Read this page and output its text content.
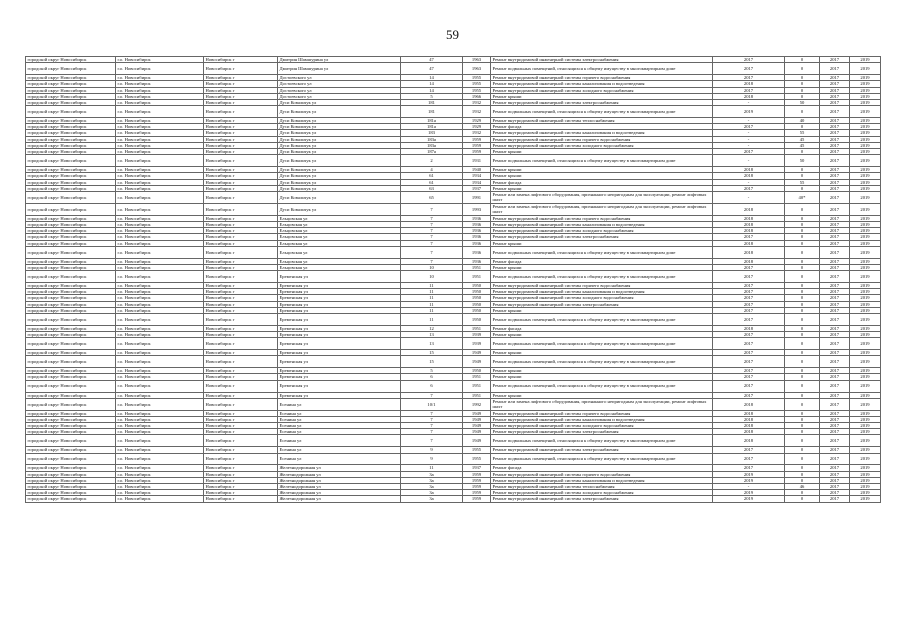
59
городской округ Новосибирск	г.о. Новосибирск	Новосибирск г	Дмитрия Шамшурина ул	47	1963	Ремонт внутридомовой инженерной системы электроснабжения	2017	0	2017	2019
городской округ Новосибирск	г.о. Новосибирск	Новосибирск г	Дмитрия Шамшурина ул	47	1963	Ремонт подвальных помещений, относящихся к общему имуществу в многоквартирном доме	2017	0	2017	2019
городской округ Новосибирск	г.о. Новосибирск	Новосибирск г	Достоевского ул	14	1955	Ремонт внутридомовой инженерной системы горячего водоснабжения	2017	0	2017	2019
городской округ Новосибирск	г.о. Новосибирск	Новосибирск г	Достоевского ул	14	1955	Ремонт внутридомовой инженерной системы канализования и водоотведения	2018	0	2017	2019
городской округ Новосибирск	г.о. Новосибирск	Новосибирск г	Достоевского ул	14	1955	Ремонт внутридомовой инженерной системы холодного водоснабжения	2017	0	2017	2019
городской округ Новосибирск	г.о. Новосибирск	Новосибирск г	Достоевского ул	5	1966	Ремонт крыши	2018	0	2017	2019
городской округ Новосибирск	г.о. Новосибирск	Новосибирск г	Дуси Ковальчук ул	181	1932	Ремонт внутридомовой инженерной системы электроснабжения	-	50	2017	2019
городской округ Новосибирск	г.о. Новосибирск	Новосибирск г	Дуси Ковальчук ул	181	1932	Ремонт подвальных помещений, относящихся к общему имуществу в многоквартирном доме	2019	0	2017	2019
городской округ Новосибирск	г.о. Новосибирск	Новосибирск г	Дуси Ковальчук ул	181а	1929	Ремонт внутридомовой инженерной системы теплоснабжения	-	40	2017	2019
городской округ Новосибирск	г.о. Новосибирск	Новосибирск г	Дуси Ковальчук ул	181а	1929	Ремонт фасада	2017	0	2017	2019
городской округ Новосибирск	г.о. Новосибирск	Новосибирск г	Дуси Ковальчук ул	183	1932	Ремонт внутридомовой инженерной системы канализования и водоотведения	-	55	2017	2019
городской округ Новосибирск	г.о. Новосибирск	Новосибирск г	Дуси Ковальчук ул	183а	1959	Ремонт внутридомовой инженерной системы горячего водоснабжения	-	45	2017	2019
городской округ Новосибирск	г.о. Новосибирск	Новосибирск г	Дуси Ковальчук ул	183а	1959	Ремонт внутридомовой инженерной системы холодного водоснабжения	-	45	2017	2019
городской округ Новосибирск	г.о. Новосибирск	Новосибирск г	Дуси Ковальчук ул	187а	1959	Ремонт крыши	2017	0	2017	2019
городской округ Новосибирск	г.о. Новосибирск	Новосибирск г	Дуси Ковальчук ул	2	1931	Ремонт подвальных помещений, относящихся к общему имуществу в многоквартирном доме	-	50	2017	2019
городской округ Новосибирск	г.о. Новосибирск	Новосибирск г	Дуси Ковальчук ул	4	1940	Ремонт крыши	2018	0	2017	2019
городской округ Новосибирск	г.о. Новосибирск	Новосибирск г	Дуси Ковальчук ул	61	1934	Ремонт крыши	2018	0	2017	2019
городской округ Новосибирск	г.о. Новосибирск	Новосибирск г	Дуси Ковальчук ул	61	1934	Ремонт фасада	-	55	2017	2019
городской округ Новосибирск	г.о. Новосибирск	Новосибирск г	Дуси Ковальчук ул	63	1937	Ремонт крыши	2017	0	2017	2019
городской округ Новосибирск	г.о. Новосибирск	Новосибирск г	Дуси Ковальчук ул	65	1991	Ремонт или замена лифтового оборудования, признанного непригодным для эксплуатации, ремонт лифтовых шахт	-	40*	2017	2019
городской округ Новосибирск	г.о. Новосибирск	Новосибирск г	Дуси Ковальчук ул	7	1993	Ремонт или замена лифтового оборудования, признанного непригодным для эксплуатации, ремонт лифтовых шахт	2018	0	2017	2019
городской округ Новосибирск	г.о. Новосибирск	Новосибирск г	Ельцовская ул	7	1936	Ремонт внутридомовой инженерной системы горячего водоснабжения	2018	0	2017	2019
городской округ Новосибирск	г.о. Новосибирск	Новосибирск г	Ельцовская ул	7	1936	Ремонт внутридомовой инженерной системы канализования и водоотведения	2018	0	2017	2019
городской округ Новосибирск	г.о. Новосибирск	Новосибирск г	Ельцовская ул	7	1936	Ремонт внутридомовой инженерной системы холодного водоснабжения	2018	0	2017	2019
городской округ Новосибирск	г.о. Новосибирск	Новосибирск г	Ельцовская ул	7	1936	Ремонт внутридомовой инженерной системы электроснабжения	2017	0	2017	2019
городской округ Новосибирск	г.о. Новосибирск	Новосибирск г	Ельцовская ул	7	1936	Ремонт крыши	2018	0	2017	2019
городской округ Новосибирск	г.о. Новосибирск	Новосибирск г	Ельцовская ул	7	1936	Ремонт подвальных помещений, относящихся к общему имуществу в многоквартирном доме	2018	0	2017	2019
городской округ Новосибирск	г.о. Новосибирск	Новосибирск г	Ельцовская ул	7	1936	Ремонт фасада	2018	0	2017	2019
городской округ Новосибирск	г.о. Новосибирск	Новосибирск г	Ельцовская ул	10	1951	Ремонт крыши	2017	0	2017	2019
городской округ Новосибирск	г.о. Новосибирск	Новосибирск г	Еременская ул	10	1951	Ремонт подвальных помещений, относящихся к общему имуществу в многоквартирном доме	2017	0	2017	2019
городской округ Новосибирск	г.о. Новосибирск	Новосибирск г	Еременская ул	11	1950	Ремонт внутридомовой инженерной системы горячего водоснабжения	2017	0	2017	2019
городской округ Новосибирск	г.о. Новосибирск	Новосибирск г	Еременская ул	11	1950	Ремонт внутридомовой инженерной системы канализования и водоотведения	2017	0	2017	2019
городской округ Новосибирск	г.о. Новосибирск	Новосибирск г	Еременская ул	11	1950	Ремонт внутридомовой инженерной системы холодного водоснабжения	2017	0	2017	2019
городской округ Новосибирск	г.о. Новосибирск	Новосибирск г	Еременская ул	11	1950	Ремонт внутридомовой инженерной системы электроснабжения	2017	0	2017	2019
городской округ Новосибирск	г.о. Новосибирск	Новосибирск г	Еременская ул	11	1950	Ремонт крыши	2017	0	2017	2019
городской округ Новосибирск	г.о. Новосибирск	Новосибирск г	Еременская ул	11	1950	Ремонт подвальных помещений, относящихся к общему имуществу в многоквартирном доме	2017	0	2017	2019
городской округ Новосибирск	г.о. Новосибирск	Новосибирск г	Еременская ул	12	1951	Ремонт фасада	2018	0	2017	2019
городской округ Новосибирск	г.о. Новосибирск	Новосибирск г	Еременская ул	13	1939	Ремонт крыши	2017	0	2017	2019
городской округ Новосибирск	г.о. Новосибирск	Новосибирск г	Еременская ул	13	1939	Ремонт подвальных помещений, относящихся к общему имуществу в многоквартирном доме	2017	0	2017	2019
городской округ Новосибирск	г.о. Новосибирск	Новосибирск г	Еременская ул	15	1949	Ремонт крыши	2017	0	2017	2019
городской округ Новосибирск	г.о. Новосибирск	Новосибирск г	Еременская ул	15	1949	Ремонт подвальных помещений, относящихся к общему имуществу в многоквартирном доме	2017	0	2017	2019
городской округ Новосибирск	г.о. Новосибирск	Новосибирск г	Еременская ул	5	1950	Ремонт крыши	2017	0	2017	2019
городской округ Новосибирск	г.о. Новосибирск	Новосибирск г	Еременская ул	6	1951	Ремонт крыши	2017	0	2017	2019
городской округ Новосибирск	г.о. Новосибирск	Новосибирск г	Еременская ул	6	1951	Ремонт подвальных помещений, относящихся к общему имуществу в многоквартирном доме	2017	0	2017	2019
городской округ Новосибирск	г.о. Новосибирск	Новосибирск г	Еременская ул	7	1951	Ремонт крыши	2017	0	2017	2019
городской округ Новосибирск	г.о. Новосибирск	Новосибирск г	Есенина ул	10/1	1992	Ремонт или замена лифтового оборудования, признанного непригодным для эксплуатации, ремонт лифтовых шахт	2018	0	2017	2019
городской округ Новосибирск	г.о. Новосибирск	Новосибирск г	Есенина ул	7	1949	Ремонт внутридомовой инженерной системы горячего водоснабжения	2018	0	2017	2019
городской округ Новосибирск	г.о. Новосибирск	Новосибирск г	Есенина ул	7	1949	Ремонт внутридомовой инженерной системы канализования и водоотведения	2018	0	2017	2019
городской округ Новосибирск	г.о. Новосибирск	Новосибирск г	Есенина ул	7	1949	Ремонт внутридомовой инженерной системы холодного водоснабжения	2018	0	2017	2019
городской округ Новосибирск	г.о. Новосибирск	Новосибирск г	Есенина ул	7	1949	Ремонт внутридомовой инженерной системы электроснабжения	2018	0	2017	2019
городской округ Новосибирск	г.о. Новосибирск	Новосибирск г	Есенина ул	7	1949	Ремонт подвальных помещений, относящихся к общему имуществу в многоквартирном доме	2018	0	2017	2019
городской округ Новосибирск	г.о. Новосибирск	Новосибирск г	Есенина ул	9	1955	Ремонт внутридомовой инженерной системы электроснабжения	2017	0	2017	2019
городской округ Новосибирск	г.о. Новосибирск	Новосибирск г	Есенина ул	9	1955	Ремонт подвальных помещений, относящихся к общему имуществу в многоквартирном доме	2017	0	2017	2019
городской округ Новосибирск	г.о. Новосибирск	Новосибирск г	Железнодорожная ул	11	1937	Ремонт фасада	2017	0	2017	2019
городской округ Новосибирск	г.о. Новосибирск	Новосибирск г	Железнодорожная ул	3а	1959	Ремонт внутридомовой инженерной системы горячего водоснабжения	2019	0	2017	2019
городской округ Новосибирск	г.о. Новосибирск	Новосибирск г	Железнодорожная ул	3а	1959	Ремонт внутридомовой инженерной системы канализования и водоотведения	2019	0	2017	2019
городской округ Новосибирск	г.о. Новосибирск	Новосибирск г	Железнодорожная ул	3а	1959	Ремонт внутридомовой инженерной системы теплоснабжения	-	46	2017	2019
городской округ Новосибирск	г.о. Новосибирск	Новосибирск г	Железнодорожная ул	3а	1959	Ремонт внутридомовой инженерной системы холодного водоснабжения	2019	0	2017	2019
городской округ Новосибирск	г.о. Новосибирск	Новосибирск г	Железнодорожная ул	3а	1959	Ремонт внутридомовой инженерной системы электроснабжения	2019	0	2017	2019
